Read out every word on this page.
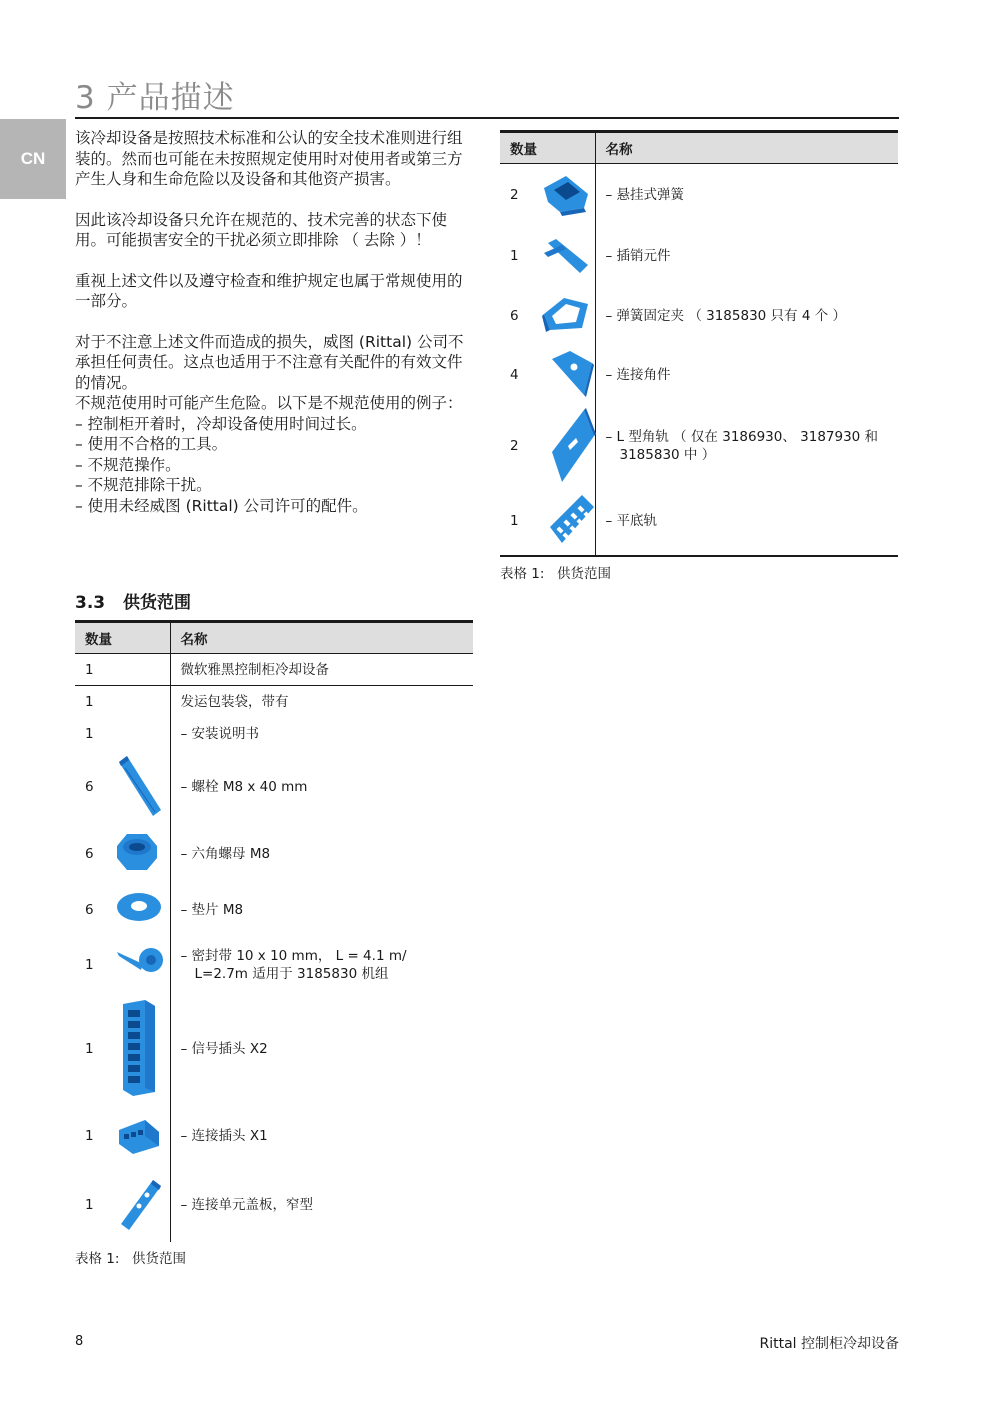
3 产品描述
CN

该冷却设备是按照技术标准和公认的安全技术准则进行组装的。然而也可能在未按照规定使用时对使用者或第三方产生人身和生命危险以及设备和其他资产损害。

因此该冷却设备只允许在规范的、技术完善的状态下使用。可能损害安全的干扰必须立即排除 （ 去除 ）！

重视上述文件以及遵守检查和维护规定也属于常规使用的一部分。

对于不注意上述文件而造成的损失，威图 (Rittal) 公司不承担任何责任。这点也适用于不注意有关配件的有效文件的情况。

不规范使用时可能产生危险。以下是不规范使用的例子：

– 控制柜开着时，冷却设备使用时间过长。

– 使用不合格的工具。

– 不规范操作。

– 不规范排除干扰。

– 使用未经威图 (Rittal) 公司许可的配件。

3.3 供货范围
数量	名称

1	微软雅黑控制柜冷却设备

1	发运包装袋，带有

1	– 安装说明书

6	– 螺栓 M8 x 40 mm

6	– 六角螺母 M8

6	– 垫片 M8

1	– 密封带 10 x 10 mm， L = 4.1 m/
L=2.7m 适用于 3185830 机组

1	– 信号插头 X2

1	– 连接插头 X1

1	– 连接单元盖板，窄型
表格 1: 供货范围
数量	名称

2	– 悬挂式弹簧

1	– 插销元件

6	– 弹簧固定夹 （ 3185830 只有 4 个 ）

4	– 连接角件

2	– L 型角轨 （ 仅在 3186930、 3187930 和
3185830 中 ）

1	– 平底轨
表格 1: 供货范围
8	Rittal 控制柜冷却设备
